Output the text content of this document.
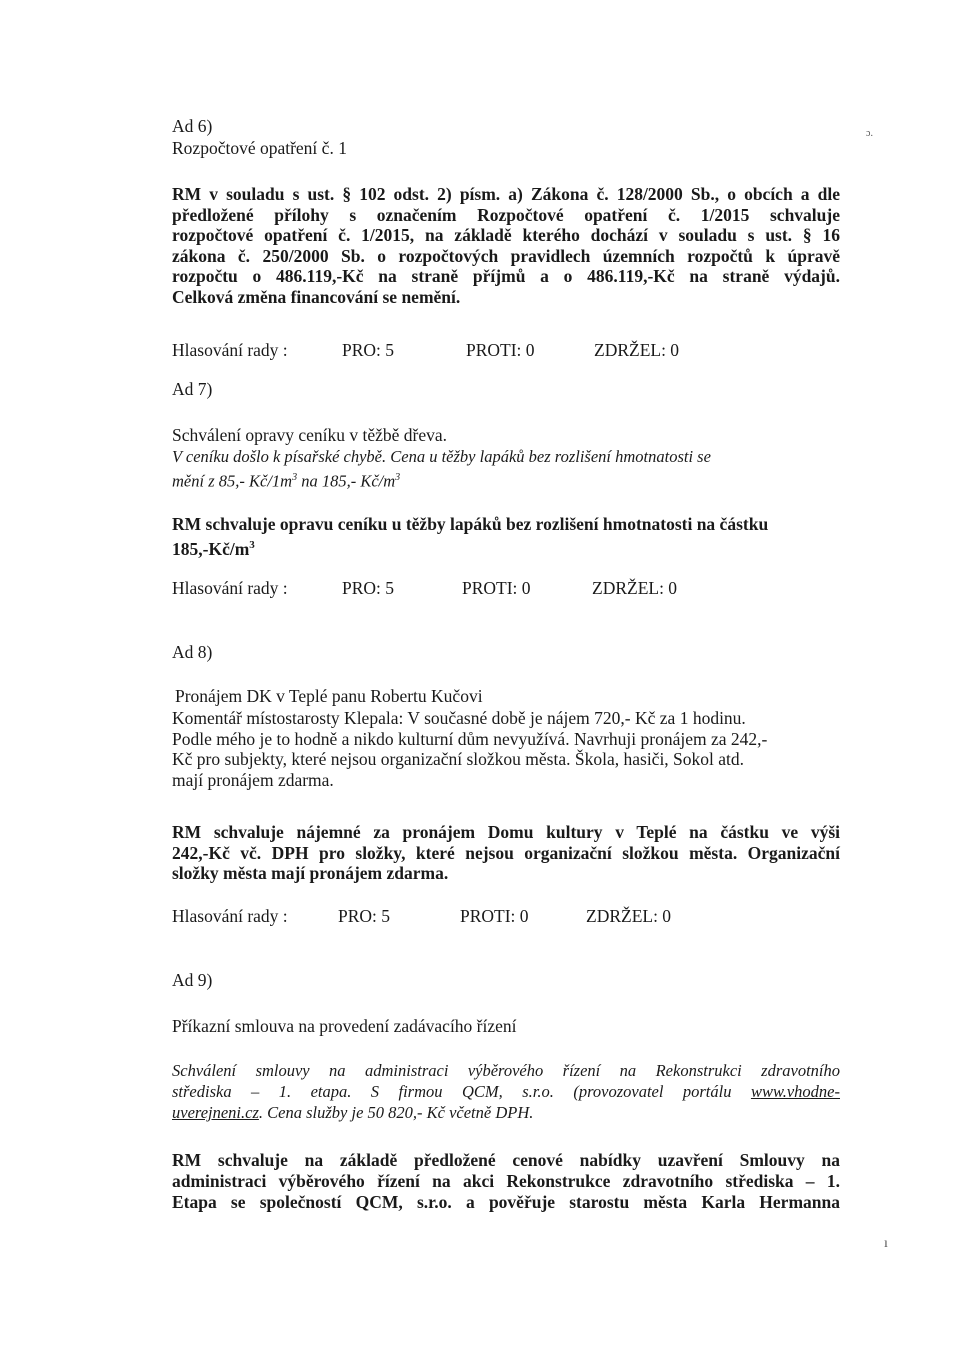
Ad 6)
Rozpočtové opatření č. 1
RM v souladu s ust. § 102 odst. 2) písm. a) Zákona č. 128/2000 Sb., o obcích a dle
předložené přílohy s označením Rozpočtové opatření č. 1/2015 schvaluje
rozpočtové opatření č. 1/2015, na základě kterého dochází v souladu s ust. § 16
zákona č. 250/2000 Sb. o rozpočtových pravidlech územních rozpočtů k úpravě
rozpočtu o 486.119,-Kč na straně příjmů a o 486.119,-Kč na straně výdajů.
Celková změna financování se nemění.
Hlasování rady :	PRO: 5	PROTI: 0	ZDRŽEL: 0
Ad 7)
Schválení opravy ceníku v těžbě dřeva.
V ceníku došlo k písařské chybě. Cena u těžby lapáků bez rozlišení hmotnatosti se
mění z 85,- $Kč/1m^3$ na 185,- $Kč/m^3$
RM schvaluje opravu ceníku u těžby lapáků bez rozlišení hmotnatosti na částku
$185,-Kč/m^3$
Hlasování rady :	PRO: 5	PROTI: 0	ZDRŽEL: 0
Ad 8)
Pronájem DK v Teplé panu Robertu Kučovi
Komentář místostarosty Klepala: V současné době je nájem 720,- Kč za 1 hodinu.
Podle mého je to hodně a nikdo kulturní dům nevyužívá. Navrhuji pronájem za 242,-
Kč pro subjekty, které nejsou organizační složkou města. Škola, hasiči, Sokol atd.
mají pronájem zdarma.
RM schvaluje nájemné za pronájem Domu kultury v Teplé na částku ve výši
242,-Kč vč. DPH pro složky, které nejsou organizační složkou města. Organizační
složky města mají pronájem zdarma.
Hlasování rady :	PRO: 5	PROTI: 0	ZDRŽEL: 0
Ad 9)
Příkazní smlouva na provedení zadávacího řízení
Schválení smlouvy na administraci výběrového řízení na Rekonstrukci zdravotního
střediska – 1. etapa. S firmou QCM, s.r.o. (provozovatel portálu www.vhodne-
uverejneni.cz. Cena služby je 50 820,- Kč včetně DPH.
RM schvaluje na základě předložené cenové nabídky uzavření Smlouvy na
administraci výběrového řízení na akci Rekonstrukce zdravotního střediska – 1.
Etapa se společností QCM, s.r.o. a pověřuje starostu města Karla Hermanna
ɔ.
ı
